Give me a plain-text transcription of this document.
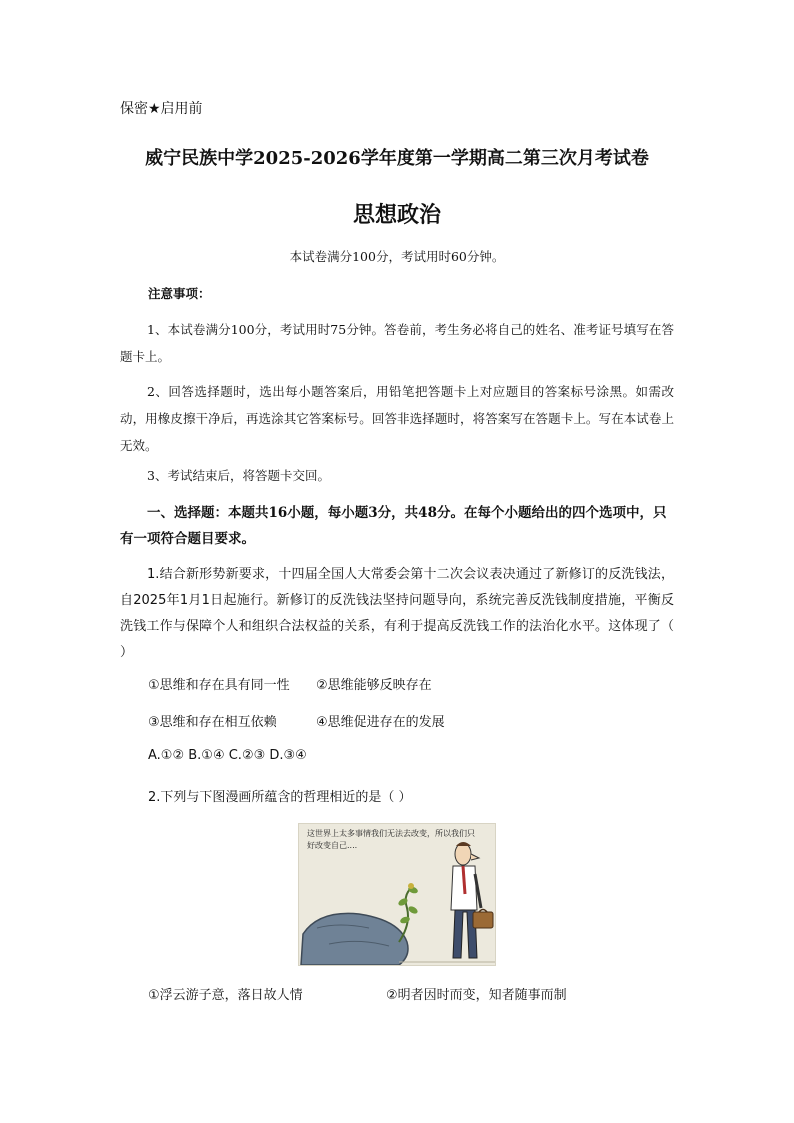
保密★启用前
威宁民族中学2025-2026学年度第一学期高二第三次月考试卷
思想政治
本试卷满分100分，考试用时60分钟。
注意事项：
1、本试卷满分100分，考试用时75分钟。答卷前，考生务必将自己的姓名、准考证号填写在答题卡上。
2、回答选择题时，选出每小题答案后，用铅笔把答题卡上对应题目的答案标号涂黑。如需改动，用橡皮擦干净后，再选涂其它答案标号。回答非选择题时，将答案写在答题卡上。写在本试卷上无效。
3、考试结束后，将答题卡交回。
一、选择题：本题共16小题，每小题3分，共48分。在每个小题给出的四个选项中，只有一项符合题目要求。
1.结合新形势新要求，十四届全国人大常委会第十二次会议表决通过了新修订的反洗钱法，自2025年1月1日起施行。新修订的反洗钱法坚持问题导向，系统完善反洗钱制度措施，平衡反洗钱工作与保障个人和组织合法权益的关系，有利于提高反洗钱工作的法治化水平。这体现了（ ）
①思维和存在具有同一性 ②思维能够反映存在
③思维和存在相互依赖	④思维促进存在的发展
A.①② B.①④ C.②③ D.③④
2.下列与下图漫画所蕴含的哲理相近的是（ ）
这世界上太多事情我们无法去改变，所以我们只好改变自己....
①浮云游子意，落日故人情	②明者因时而变，知者随事而制
